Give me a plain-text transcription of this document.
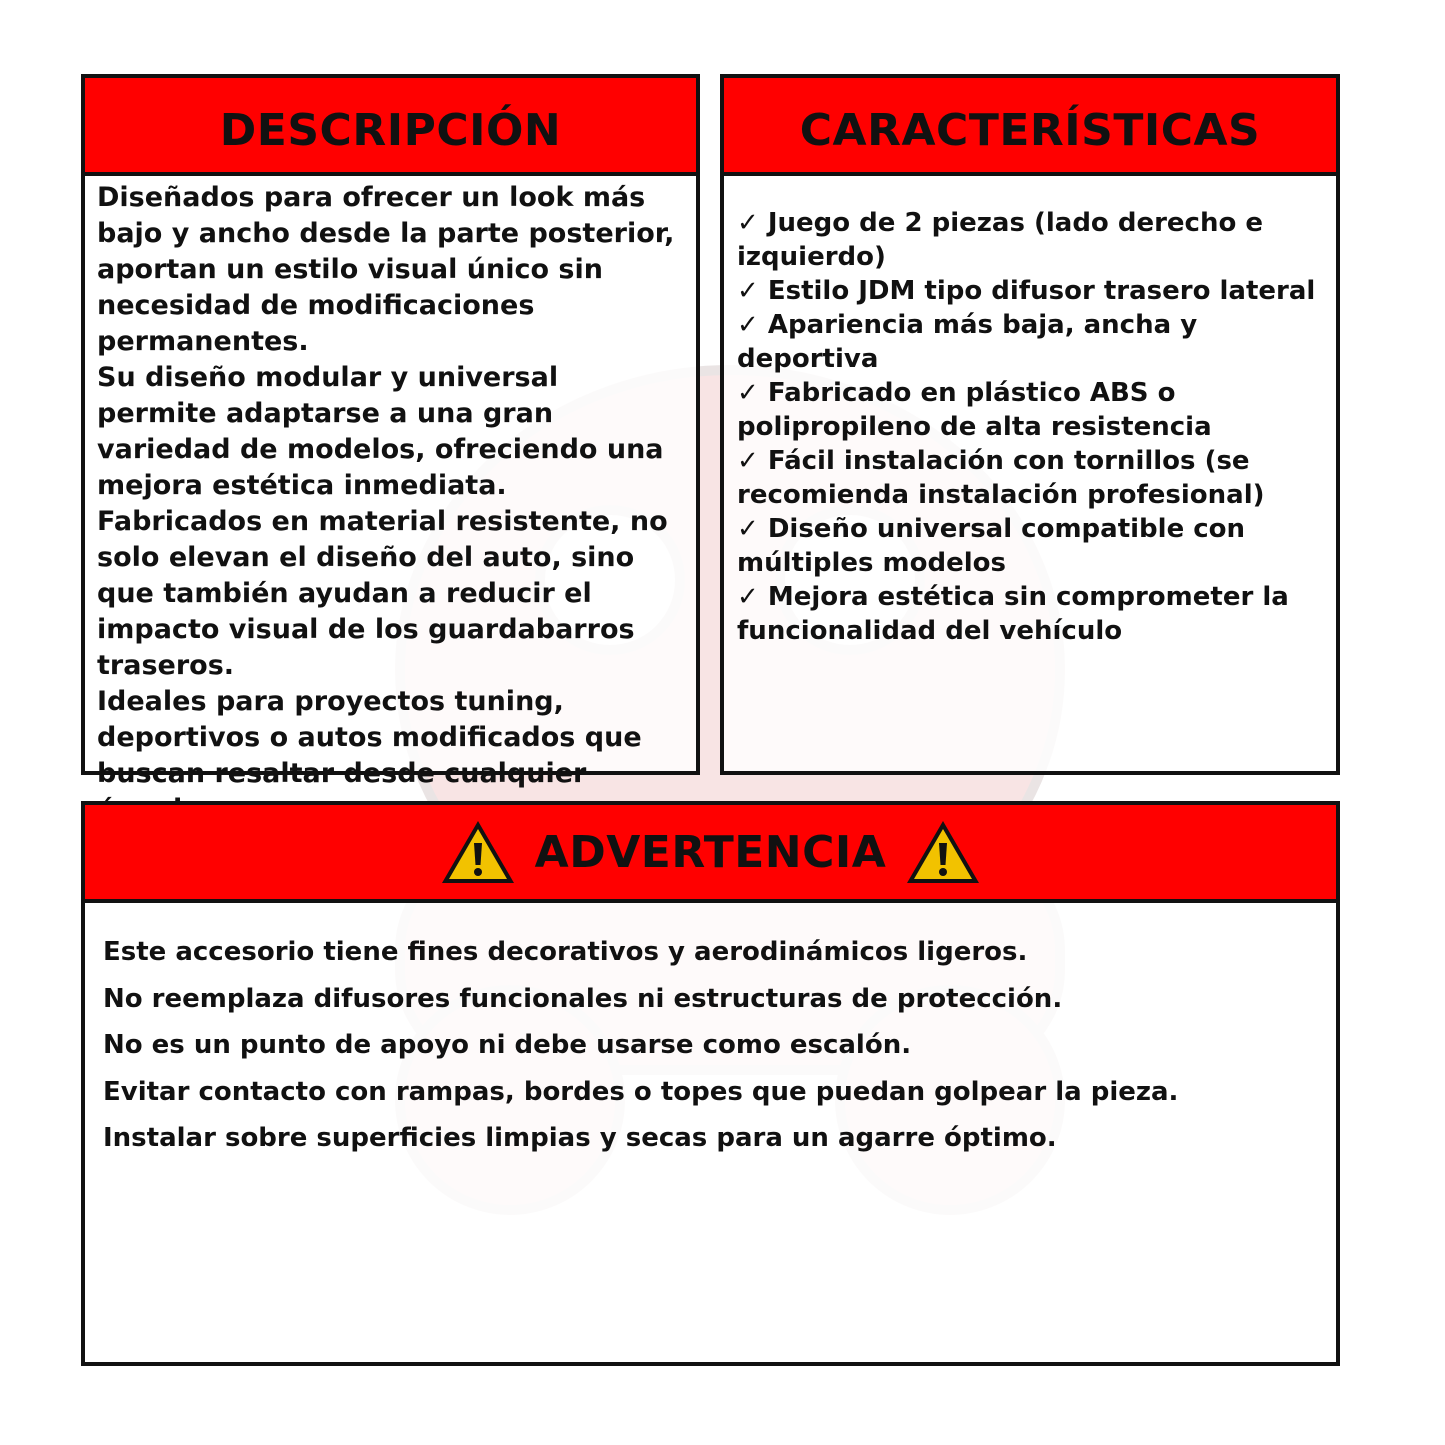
DESCRIPCIÓN

Diseñados para ofrecer un look más bajo y ancho desde la parte posterior, aportan un estilo visual único sin necesidad de modificaciones permanentes.

Su diseño modular y universal permite adaptarse a una gran variedad de modelos, ofreciendo una mejora estética inmediata.

Fabricados en material resistente, no solo elevan el diseño del auto, sino que también ayudan a reducir el impacto visual de los guardabarros traseros.

Ideales para proyectos tuning, deportivos o autos modificados que buscan resaltar desde cualquier

CARACTERÍSTICAS

✓ Juego de 2 piezas (lado derecho e izquierdo)

✓ Estilo JDM tipo difusor trasero lateral

✓ Apariencia más baja, ancha y deportiva

✓ Fabricado en plástico ABS o polipropileno de alta resistencia

✓ Fácil instalación con tornillos (se recomienda instalación profesional)

✓ Diseño universal compatible con múltiples modelos

✓ Mejora estética sin comprometer la funcionalidad del vehículo

ADVERTENCIA

Este accesorio tiene fines decorativos y aerodinámicos ligeros.

No reemplaza difusores funcionales ni estructuras de protección.

No es un punto de apoyo ni debe usarse como escalón.

Evitar contacto con rampas, bordes o topes que puedan golpear la pieza.

Instalar sobre superficies limpias y secas para un agarre óptimo.
